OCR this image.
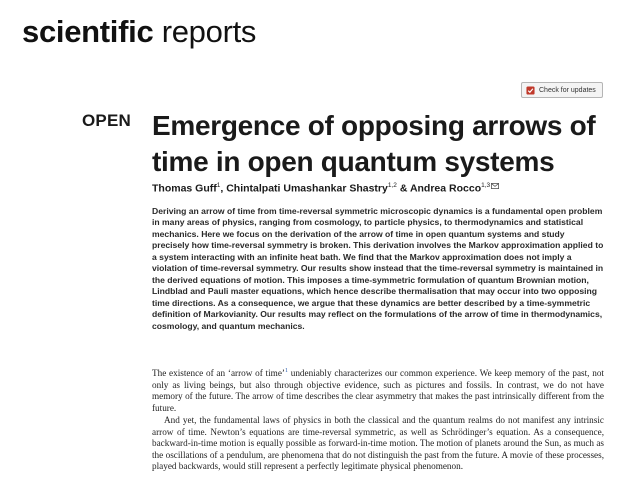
scientific reports
Check for updates
OPEN Emergence of opposing arrows of time in open quantum systems
Thomas Guff$^1$, Chintalpati Umashankar Shastry$^{1,2}$ & Andrea Rocco$^{1,3}$

Deriving an arrow of time from time-reversal symmetric microscopic dynamics is a fundamental open problem in many areas of physics, ranging from cosmology, to particle physics, to thermodynamics and statistical mechanics. Here we focus on the derivation of the arrow of time in open quantum systems and study precisely how time-reversal symmetry is broken. This derivation involves the Markov approximation applied to a system interacting with an infinite heat bath. We find that the Markov approximation does not imply a violation of time-reversal symmetry. Our results show instead that the time-reversal symmetry is maintained in the derived equations of motion. This imposes a time-symmetric formulation of quantum Brownian motion, Lindblad and Pauli master equations, which hence describe thermalisation that may occur into two opposing time directions. As a consequence, we argue that these dynamics are better described by a time-symmetric definition of Markovianity. Our results may reflect on the formulations of the arrow of time in thermodynamics, cosmology, and quantum mechanics.

The existence of an ‘arrow of time’$^1$ undeniably characterizes our common experience. We keep memory of the past, not only as living beings, but also through objective evidence, such as pictures and fossils. In contrast, we do not have memory of the future. The arrow of time describes the clear asymmetry that makes the past intrinsically different from the future.

And yet, the fundamental laws of physics in both the classical and the quantum realms do not manifest any intrinsic arrow of time. Newton’s equations are time-reversal symmetric, as well as Schrödinger’s equation. As a consequence, backward-in-time motion is equally possible as forward-in-time motion. The motion of planets around the Sun, as much as the oscillations of a pendulum, are phenomena that do not distinguish the past from the future. A movie of these processes, played backwards, would still represent a perfectly legitimate physical phenomenon.
